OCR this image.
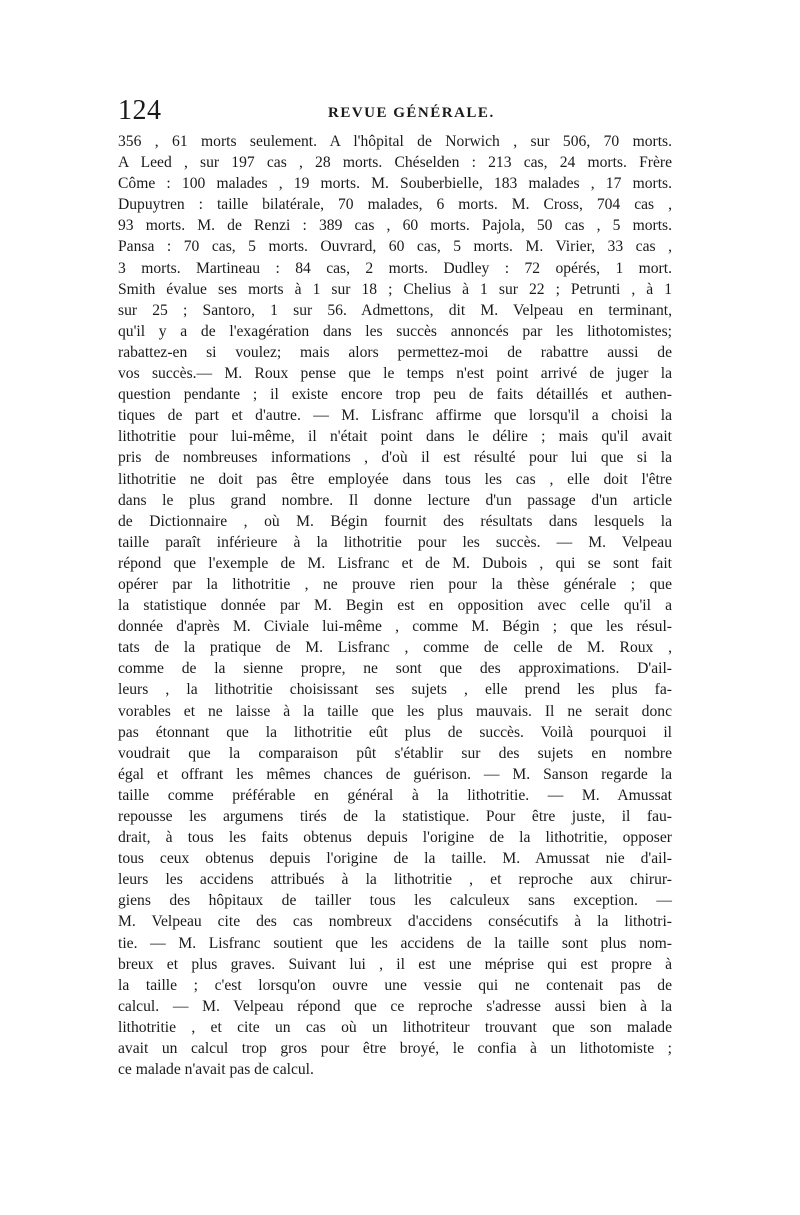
124	REVUE GÉNÉRALE.
356 , 61 morts seulement. A l'hôpital de Norwich , sur 506, 70 morts.
A Leed , sur 197 cas , 28 morts. Chéselden : 213 cas, 24 morts. Frère
Côme : 100 malades , 19 morts. M. Souberbielle, 183 malades , 17 morts.
Dupuytren : taille bilatérale, 70 malades, 6 morts. M. Cross, 704 cas ,
93 morts. M. de Renzi : 389 cas , 60 morts. Pajola, 50 cas , 5 morts.
Pansa : 70 cas, 5 morts. Ouvrard, 60 cas, 5 morts. M. Virier, 33 cas ,
3 morts. Martineau : 84 cas, 2 morts. Dudley : 72 opérés, 1 mort.
Smith évalue ses morts à 1 sur 18 ; Chelius à 1 sur 22 ; Petrunti , à 1
sur 25 ; Santoro, 1 sur 56. Admettons, dit M. Velpeau en terminant,
qu'il y a de l'exagération dans les succès annoncés par les lithotomistes;
rabattez-en si voulez; mais alors permettez-moi de rabattre aussi de
vos succès.— M. Roux pense que le temps n'est point arrivé de juger la
question pendante ; il existe encore trop peu de faits détaillés et authen-
tiques de part et d'autre. — M. Lisfranc affirme que lorsqu'il a choisi la
lithotritie pour lui-même, il n'était point dans le délire ; mais qu'il avait
pris de nombreuses informations , d'où il est résulté pour lui que si la
lithotritie ne doit pas être employée dans tous les cas , elle doit l'être
dans le plus grand nombre. Il donne lecture d'un passage d'un article
de Dictionnaire , où M. Bégin fournit des résultats dans lesquels la
taille paraît inférieure à la lithotritie pour les succès. — M. Velpeau
répond que l'exemple de M. Lisfranc et de M. Dubois , qui se sont fait
opérer par la lithotritie , ne prouve rien pour la thèse générale ; que
la statistique donnée par M. Begin est en opposition avec celle qu'il a
donnée d'après M. Civiale lui-même , comme M. Bégin ; que les résul-
tats de la pratique de M. Lisfranc , comme de celle de M. Roux ,
comme de la sienne propre, ne sont que des approximations. D'ail-
leurs , la lithotritie choisissant ses sujets , elle prend les plus fa-
vorables et ne laisse à la taille que les plus mauvais. Il ne serait donc
pas étonnant que la lithotritie eût plus de succès. Voilà pourquoi il
voudrait que la comparaison pût s'établir sur des sujets en nombre
égal et offrant les mêmes chances de guérison. — M. Sanson regarde la
taille comme préférable en général à la lithotritie. — M. Amussat
repousse les argumens tirés de la statistique. Pour être juste, il fau-
drait, à tous les faits obtenus depuis l'origine de la lithotritie, opposer
tous ceux obtenus depuis l'origine de la taille. M. Amussat nie d'ail-
leurs les accidens attribués à la lithotritie , et reproche aux chirur-
giens des hôpitaux de tailler tous les calculeux sans exception. —
M. Velpeau cite des cas nombreux d'accidens consécutifs à la lithotri-
tie. — M. Lisfranc soutient que les accidens de la taille sont plus nom-
breux et plus graves. Suivant lui , il est une méprise qui est propre à
la taille ; c'est lorsqu'on ouvre une vessie qui ne contenait pas de
calcul. — M. Velpeau répond que ce reproche s'adresse aussi bien à la
lithotritie , et cite un cas où un lithotriteur trouvant que son malade
avait un calcul trop gros pour être broyé, le confia à un lithotomiste ;
ce malade n'avait pas de calcul.
